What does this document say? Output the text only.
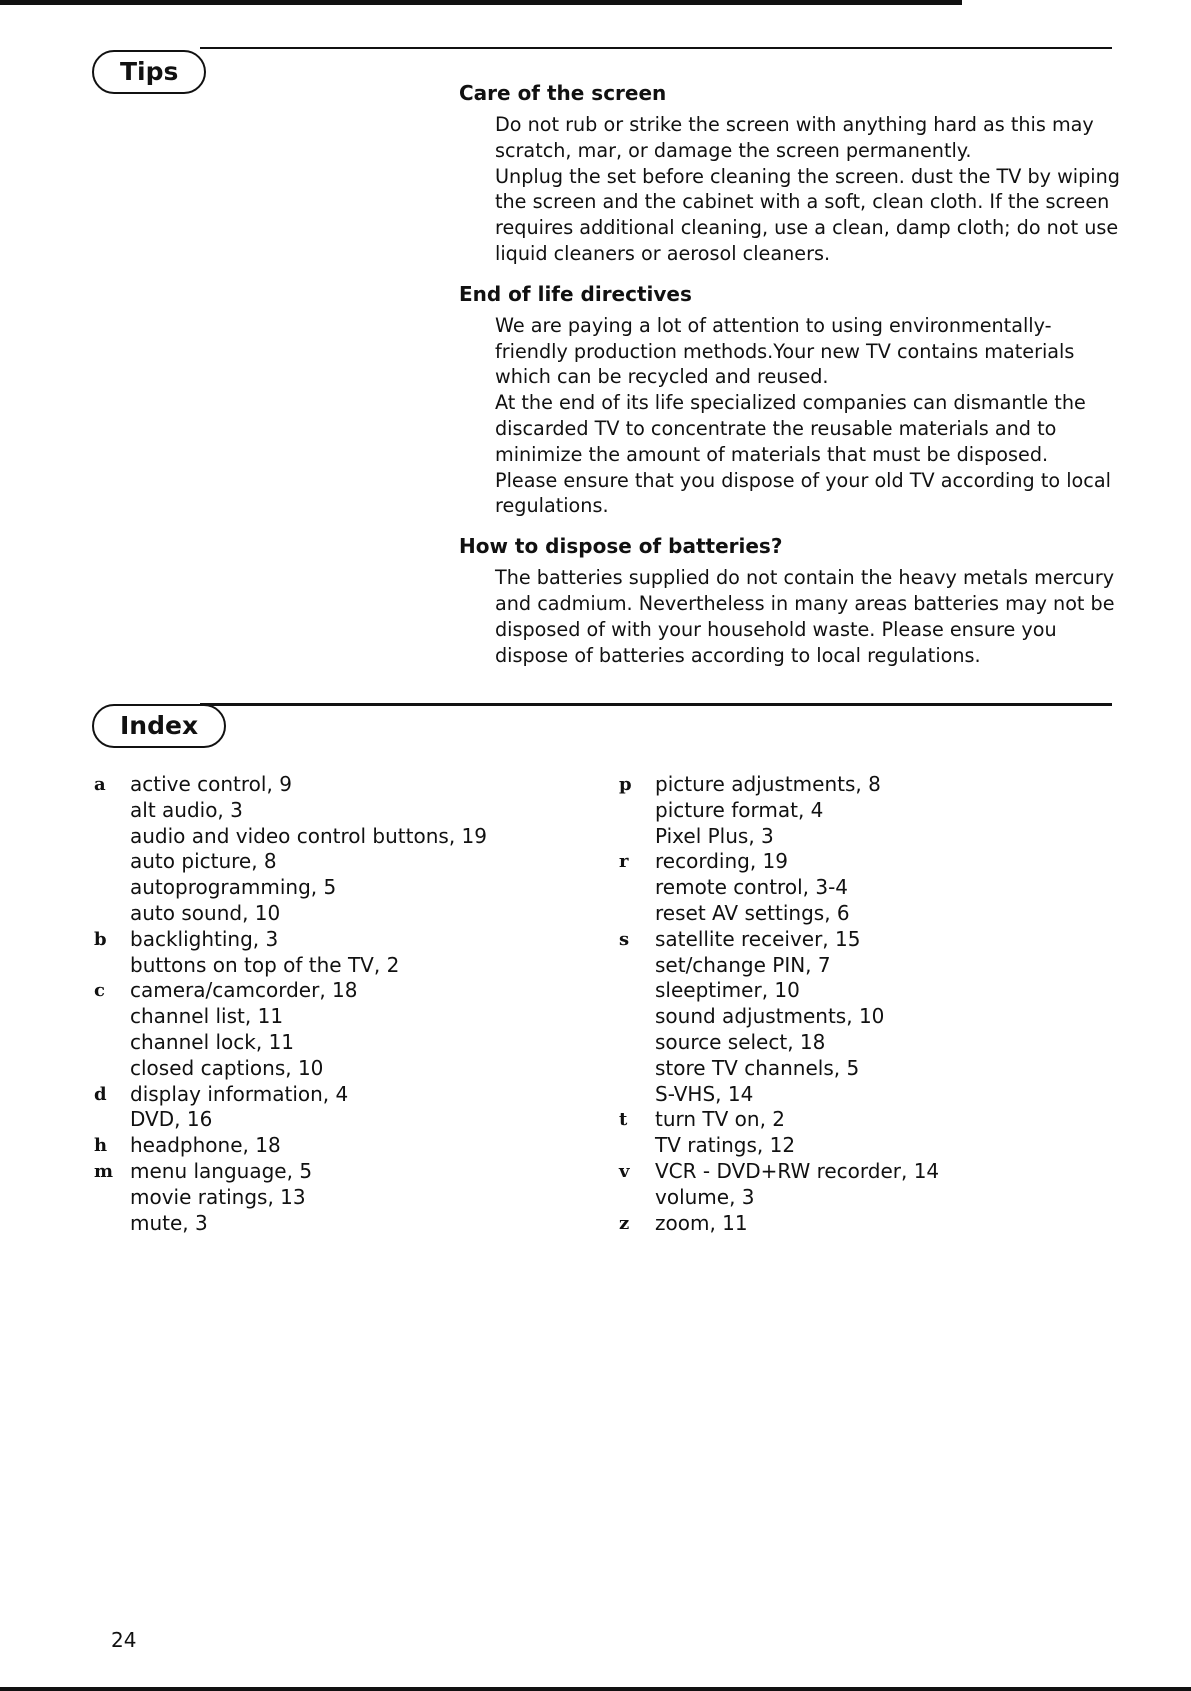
Tips
Care of the screen

Do not rub or strike the screen with anything hard as this may scratch, mar, or damage the screen permanently.

Unplug the set before cleaning the screen. dust the TV by wiping the screen and the cabinet with a soft, clean cloth. If the screen requires additional cleaning, use a clean, damp cloth; do not use liquid cleaners or aerosol cleaners.

End of life directives

We are paying a lot of attention to using environmentally-friendly production methods.Your new TV contains materials which can be recycled and reused.

At the end of its life specialized companies can dismantle the discarded TV to concentrate the reusable materials and to minimize the amount of materials that must be disposed.

Please ensure that you dispose of your old TV according to local regulations.

How to dispose of batteries?

The batteries supplied do not contain the heavy metals mercury and cadmium. Nevertheless in many areas batteries may not be disposed of with your household waste. Please ensure you dispose of batteries according to local regulations.

Index
a	active control, 9
alt audio, 3
audio and video control buttons, 19
auto picture, 8
autoprogramming, 5
auto sound, 10
b	backlighting, 3
buttons on top of the TV, 2
c	camera/camcorder, 18
channel list, 11
channel lock, 11
closed captions, 10
d	display information, 4
DVD, 16
h	headphone, 18
m menu language, 5
movie ratings, 13
mute, 3
p	picture adjustments, 8
picture format, 4
Pixel Plus, 3
r	recording, 19
remote control, 3-4
reset AV settings, 6
s	satellite receiver, 15
set/change PIN, 7
sleeptimer, 10
sound adjustments, 10
source select, 18
store TV channels, 5
S-VHS, 14
t	turn TV on, 2
TV ratings, 12
v	VCR - DVD+RW recorder, 14
volume, 3
z	zoom, 11
24
